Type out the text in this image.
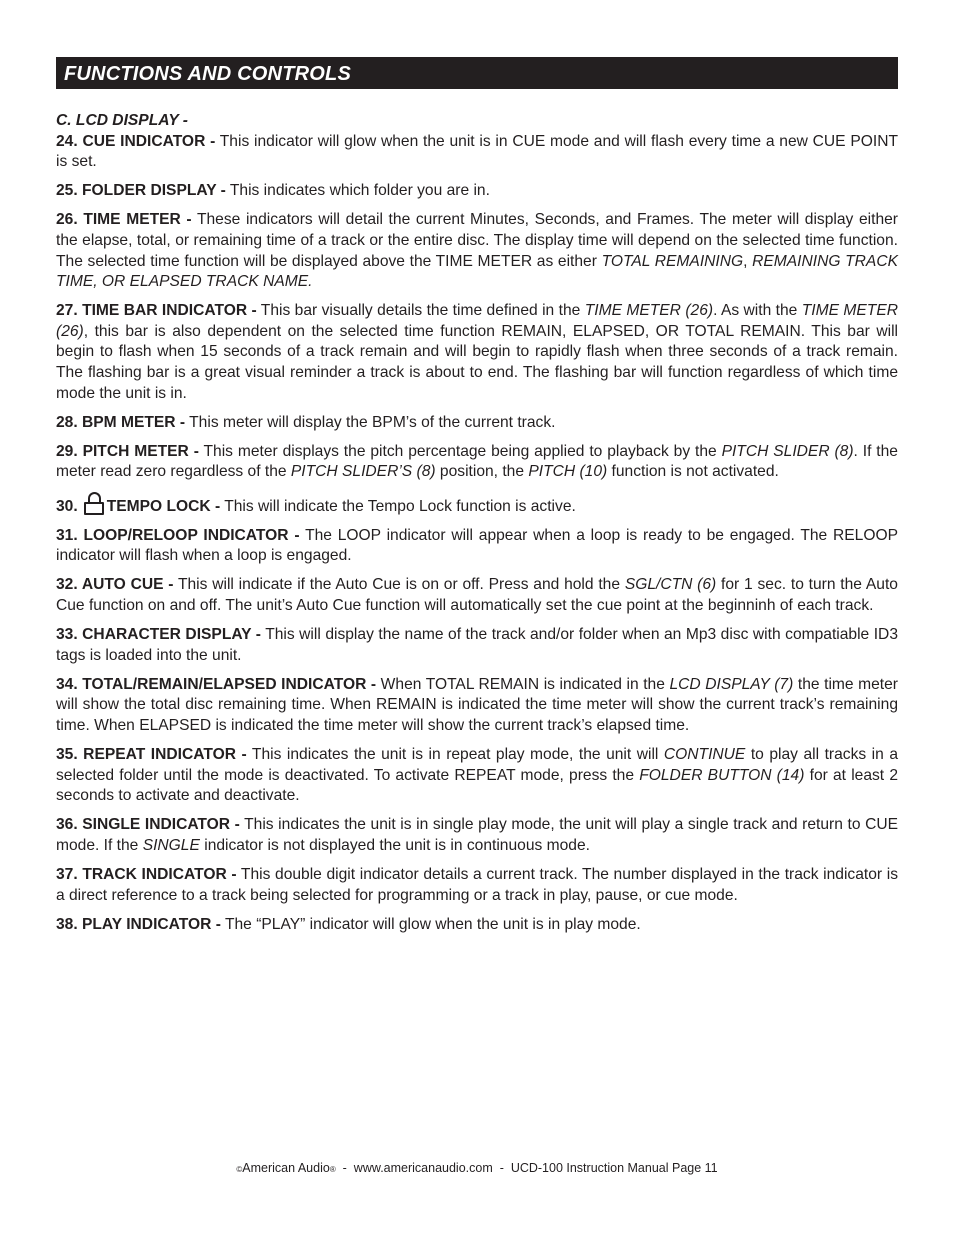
FUNCTIONS AND CONTROLS

C. LCD DISPLAY -

24. CUE INDICATOR - This indicator will glow when the unit is in CUE mode and will flash every time a new CUE POINT is set.

25. FOLDER DISPLAY - This indicates which folder you are in.

26. TIME METER - These indicators will detail the current Minutes, Seconds, and Frames. The meter will display either the elapse, total, or remaining time of a track or the entire disc. The display time will depend on the selected time function. The selected time function will be displayed above the TIME METER as either TOTAL REMAINING, REMAINING TRACK TIME, OR ELAPSED TRACK NAME.

27. TIME BAR INDICATOR - This bar visually details the time defined in the TIME METER (26). As with the TIME METER (26), this bar is also dependent on the selected time function REMAIN, ELAPSED, OR TOTAL REMAIN. This bar will begin to flash when 15 seconds of a track remain and will begin to rapidly flash when three seconds of a track remain. The flashing bar is a great visual reminder a track is about to end. The flashing bar will function regardless of which time mode the unit is in.

28. BPM METER - This meter will display the BPM’s of the current track.

29. PITCH METER - This meter displays the pitch percentage being applied to playback by the PITCH SLIDER (8). If the meter read zero regardless of the PITCH SLIDER’S (8) position, the PITCH (10) function is not activated.

30. TEMPO LOCK - This will indicate the Tempo Lock function is active.

31. LOOP/RELOOP INDICATOR - The LOOP indicator will appear when a loop is ready to be engaged. The RELOOP indicator will flash when a loop is engaged.

32. AUTO CUE - This will indicate if the Auto Cue is on or off. Press and hold the SGL/CTN (6) for 1 sec. to turn the Auto Cue function on and off. The unit’s Auto Cue function will automatically set the cue point at the beginninh of each track.

33. CHARACTER DISPLAY - This will display the name of the track and/or folder when an Mp3 disc with compatiable ID3 tags is loaded into the unit.

34. TOTAL/REMAIN/ELAPSED INDICATOR - When TOTAL REMAIN is indicated in the LCD DISPLAY (7) the time meter will show the total disc remaining time. When REMAIN is indicated the time meter will show the current track’s remaining time. When ELAPSED is indicated the time meter will show the current track’s elapsed time.

35. REPEAT INDICATOR - This indicates the unit is in repeat play mode, the unit will CONTINUE to play all tracks in a selected folder until the mode is deactivated. To activate REPEAT mode, press the FOLDER BUTTON (14) for at least 2 seconds to activate and deactivate.

36. SINGLE INDICATOR - This indicates the unit is in single play mode, the unit will play a single track and return to CUE mode. If the SINGLE indicator is not displayed the unit is in continuous mode.

37. TRACK INDICATOR - This double digit indicator details a current track. The number displayed in the track indicator is a direct reference to a track being selected for programming or a track in play, pause, or cue mode.

38. PLAY INDICATOR - The “PLAY” indicator will glow when the unit is in play mode.

©American Audio®  -  www.americanaudio.com  -  UCD-100 Instruction Manual Page 11
